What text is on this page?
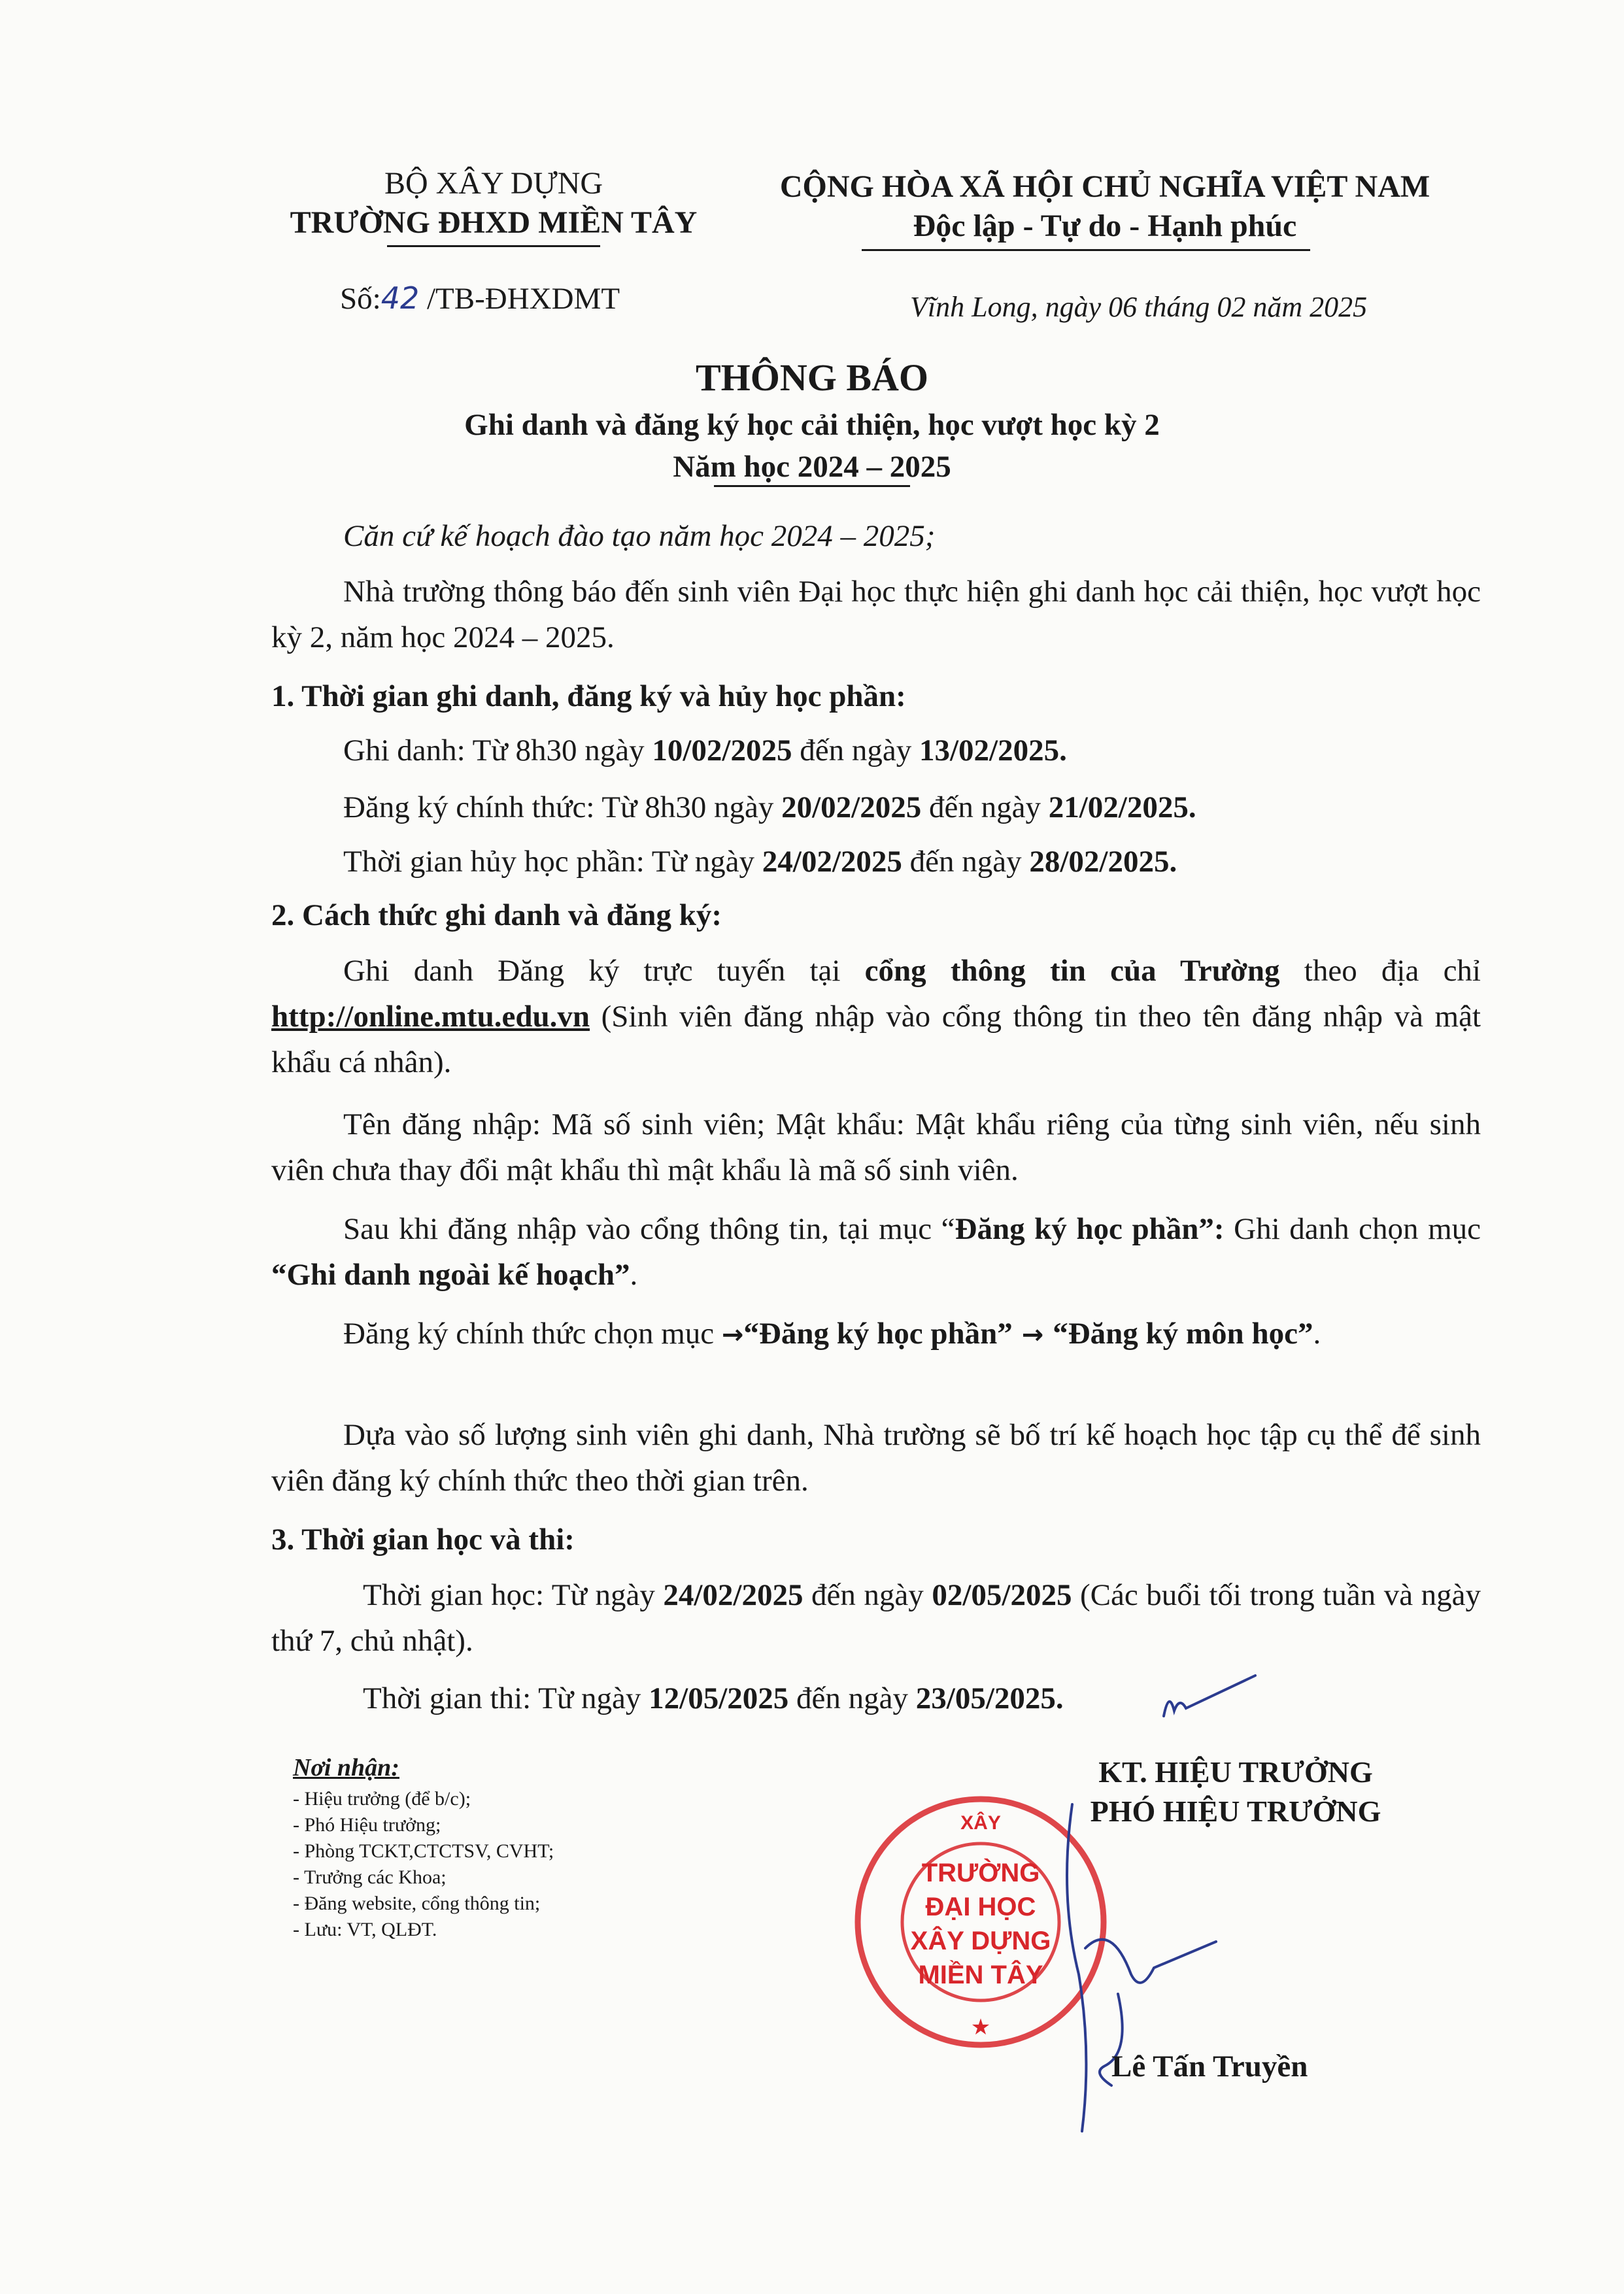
BỘ XÂY DỰNG
TRƯỜNG ĐHXD MIỀN TÂY
CỘNG HÒA XÃ HỘI CHỦ NGHĨA VIỆT NAM
Độc lập - Tự do - Hạnh phúc
Số:42 /TB-ĐHXDMT	Vĩnh Long, ngày 06 tháng 02 năm 2025
THÔNG BÁO
Ghi danh và đăng ký học cải thiện, học vượt học kỳ 2
Năm học 2024 – 2025
Căn cứ kế hoạch đào tạo năm học 2024 – 2025;
Nhà trường thông báo đến sinh viên Đại học thực hiện ghi danh học cải thiện, học vượt học kỳ 2, năm học 2024 – 2025.
1. Thời gian ghi danh, đăng ký và hủy học phần:
Ghi danh: Từ 8h30 ngày 10/02/2025 đến ngày 13/02/2025.
Đăng ký chính thức: Từ 8h30 ngày 20/02/2025 đến ngày 21/02/2025.
Thời gian hủy học phần: Từ ngày 24/02/2025 đến ngày 28/02/2025.
2. Cách thức ghi danh và đăng ký:
Ghi danh Đăng ký trực tuyến tại cổng thông tin của Trường theo địa chỉ http://online.mtu.edu.vn (Sinh viên đăng nhập vào cổng thông tin theo tên đăng nhập và mật khẩu cá nhân).
Tên đăng nhập: Mã số sinh viên; Mật khẩu: Mật khẩu riêng của từng sinh viên, nếu sinh viên chưa thay đổi mật khẩu thì mật khẩu là mã số sinh viên.
Sau khi đăng nhập vào cổng thông tin, tại mục “Đăng ký học phần”: Ghi danh chọn mục “Ghi danh ngoài kế hoạch”.
Đăng ký chính thức chọn mục →“Đăng ký học phần” → “Đăng ký môn học”.
Dựa vào số lượng sinh viên ghi danh, Nhà trường sẽ bố trí kế hoạch học tập cụ thể để sinh viên đăng ký chính thức theo thời gian trên.
3. Thời gian học và thi:
Thời gian học: Từ ngày 24/02/2025 đến ngày 02/05/2025 (Các buổi tối trong tuần và ngày thứ 7, chủ nhật).
Thời gian thi: Từ ngày 12/05/2025 đến ngày 23/05/2025.
Nơi nhận:
- Hiệu trưởng (để b/c);
- Phó Hiệu trưởng;
- Phòng TCKT,CTCTSV, CVHT;
- Trưởng các Khoa;
- Đăng website, cổng thông tin;
- Lưu: VT, QLĐT.
KT. HIỆU TRƯỞNG
PHÓ HIỆU TRƯỞNG
XÂY
TRƯỜNG
ĐẠI HỌC
XÂY DỰNG
MIỀN TÂY
★
Lê Tấn Truyền
